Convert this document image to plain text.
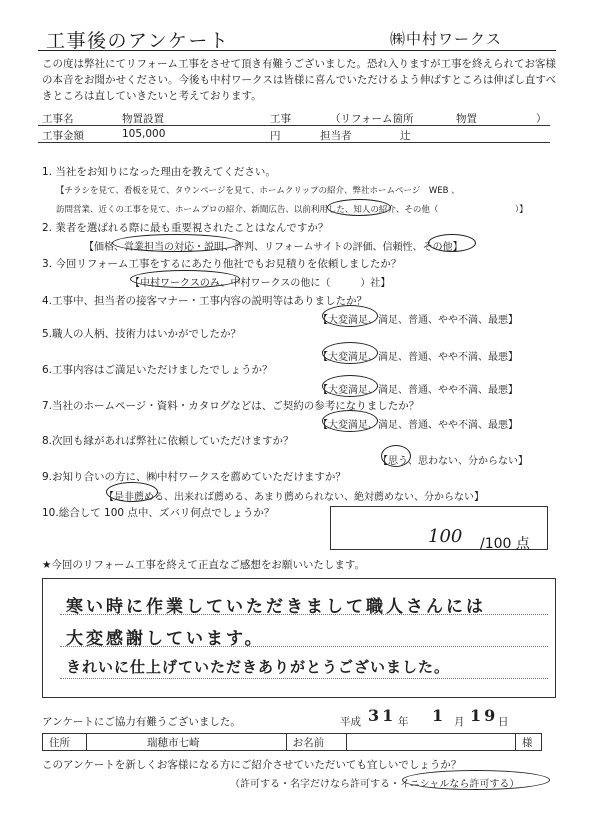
工事後のアンケート	㈱中村ワークス
この度は弊社にてリフォーム工事をさせて頂き有難うございました。恐れ入りますが工事を終えられてお客様の本音をお聞かせください。今後も中村ワークスは皆様に喜んでいただけるよう伸ばすところは伸ばし直すべきところは直していきたいと考えております。
工事名	物置設置	工事	（リフォーム箇所	物置	）
工事金額	105,000	円	担当者	辻
1. 当社をお知りになった理由を教えてください。
【チラシを見て、看板を見て、タウンページを見て、ホームクリップの紹介、弊社ホームページ　WEB 、
訪問営業、近くの工事を見て、ホームプロの紹介、新聞広告、以前利用した、知人の紹介、その他（　　　　　　　　　）】
2. 業者を選ばれる際に最も重要視されたことはなんですか？
【価格、営業担当の対応・説明、評判、リフォームサイトの評価、信頼性、その他】
3. 今回リフォーム工事をするにあたり他社でもお見積りを依頼しましたか？
【中村ワークスのみ、中村ワークスの他に（　　　）社】
4.工事中、担当者の接客マナー・工事内容の説明等はありましたか？
【大変満足、満足、普通、やや不満、最悪】
5.職人の人柄、技術力はいかがでしたか？
【大変満足、満足、普通、やや不満、最悪】
6.工事内容はご満足いただけましたでしょうか？
【大変満足、満足、普通、やや不満、最悪】
7.当社のホームページ・資料・カタログなどは、ご契約の参考になりましたか？
【大変満足、満足、普通、やや不満、最悪】
8.次回も縁があれば弊社に依頼していただけますか？
【思う、思わない、分からない】
9.お知り合いの方に、㈱中村ワークスを薦めていただけますか？
【是非薦める、出来れば薦める、あまり薦められない、絶対薦めない、分からない】
10.総合して 100 点中、ズバリ何点でしょうか？
100 /100 点
★今回のリフォーム工事を終えて正直なご感想をお願いいたします。
寒い時に作業していただきまして職人さんには
大変感謝しています。
きれいに仕上げていただきありがとうございました。
アンケートにご協力有難うございました。	平成 31 年 1 月 19 日
住所	瑞穂市七崎	お名前		様
このアンケートを新しくお客様になる方にご紹介させていただいても宜しいでしょうか？
（許可する・名字だけなら許可する・イニシャルなら許可する）
